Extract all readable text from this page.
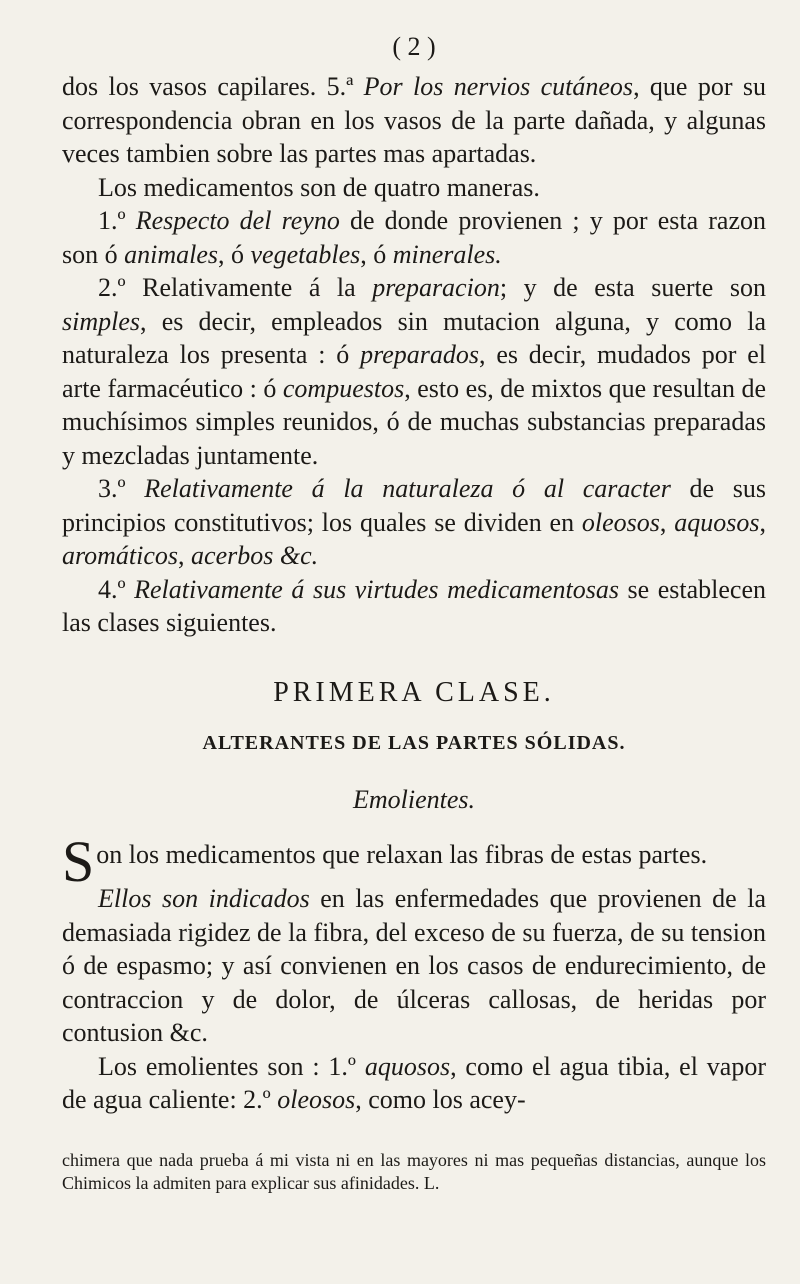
( 2 )

dos los vasos capilares. 5.ª Por los nervios cutáneos, que por su correspondencia obran en los vasos de la parte dañada, y algunas veces tambien sobre las partes mas apartadas.

Los medicamentos son de quatro maneras.

1.º Respecto del reyno de donde provienen ; y por esta razon son ó animales, ó vegetables, ó minerales.

2.º Relativamente á la preparacion; y de esta suerte son simples, es decir, empleados sin mutacion alguna, y como la naturaleza los presenta : ó preparados, es decir, mudados por el arte farmacéutico : ó compuestos, esto es, de mixtos que resultan de muchísimos simples reunidos, ó de muchas substancias preparadas y mezcladas juntamente.

3.º Relativamente á la naturaleza ó al caracter de sus principios constitutivos; los quales se dividen en oleosos, aquosos, aromáticos, acerbos &c.

4.º Relativamente á sus virtudes medicamentosas se establecen las clases siguientes.

PRIMERA CLASE.
ALTERANTES DE LAS PARTES SÓLIDAS.
Emolientes.

Son los medicamentos que relaxan las fibras de estas partes.

Ellos son indicados en las enfermedades que provienen de la demasiada rigidez de la fibra, del exceso de su fuerza, de su tension ó de espasmo; y así convienen en los casos de endurecimiento, de contraccion y de dolor, de úlceras callosas, de heridas por contusion &c.

Los emolientes son : 1.º aquosos, como el agua tibia, el vapor de agua caliente: 2.º oleosos, como los acey-

chimera que nada prueba á mi vista ni en las mayores ni mas pequeñas distancias, aunque los Chimicos la admiten para explicar sus afinidades. L.
